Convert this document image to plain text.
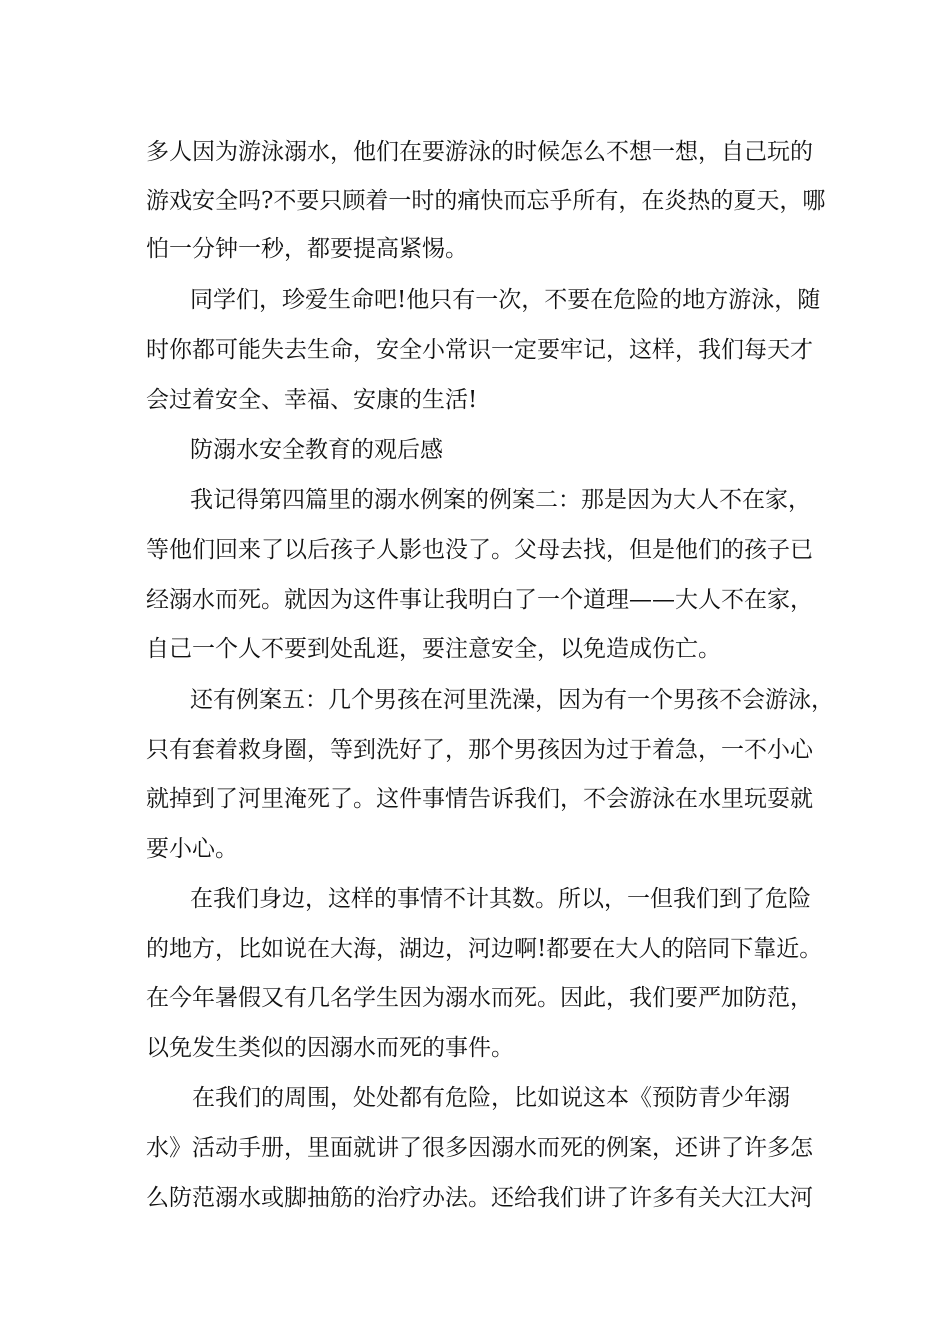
多人因为游泳溺水，他们在要游泳的时候怎么不想一想，自己玩的
游戏安全吗?不要只顾着一时的痛快而忘乎所有，在炎热的夏天，哪
怕一分钟一秒，都要提高紧惕。
同学们，珍爱生命吧!他只有一次，不要在危险的地方游泳，随
时你都可能失去生命，安全小常识一定要牢记，这样，我们每天才
会过着安全、幸福、安康的生活!
防溺水安全教育的观后感
我记得第四篇里的溺水例案的例案二：那是因为大人不在家，
等他们回来了以后孩子人影也没了。父母去找，但是他们的孩子已
经溺水而死。就因为这件事让我明白了一个道理——大人不在家，
自己一个人不要到处乱逛，要注意安全，以免造成伤亡。
还有例案五：几个男孩在河里洗澡，因为有一个男孩不会游泳，
只有套着救身圈，等到洗好了，那个男孩因为过于着急，一不小心
就掉到了河里淹死了。这件事情告诉我们，不会游泳在水里玩耍就
要小心。
在我们身边，这样的事情不计其数。所以，一但我们到了危险
的地方，比如说在大海，湖边，河边啊!都要在大人的陪同下靠近。
在今年暑假又有几名学生因为溺水而死。因此，我们要严加防范，
以免发生类似的因溺水而死的事件。
在我们的周围，处处都有危险，比如说这本《预防青少年溺
水》活动手册，里面就讲了很多因溺水而死的例案，还讲了许多怎
么防范溺水或脚抽筋的治疗办法。还给我们讲了许多有关大江大河
